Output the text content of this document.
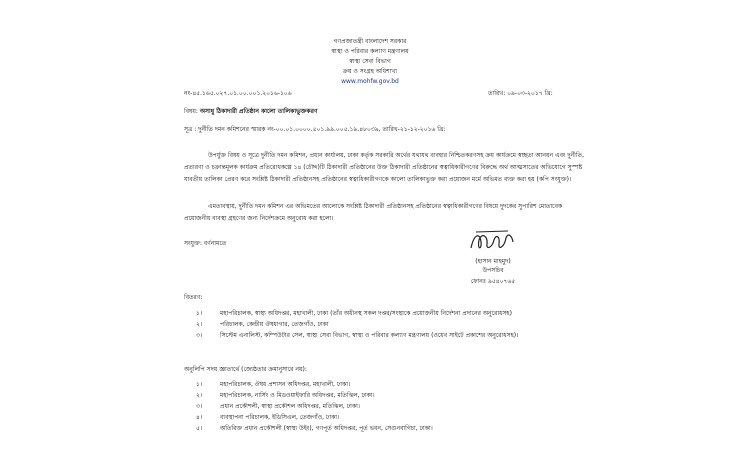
গণপ্রজাতন্ত্রী বাংলাদেশ সরকার
স্বাস্থ্য ও পরিবার কল্যাণ মন্ত্রণালয়
স্বাস্থ্য সেবা বিভাগ
ক্রয় ও সংগ্রহ অধিশাখা
www.mohfw.gov.bd
নং-৪৫.১৬৫.০২৭.০১.০০.০০১.২০১৬-১০৬	তারিখ: ০৯-০৩-২০১৭ খ্রি:
বিষয়: অসাধু ঠিকাদারী প্রতিষ্ঠান কালো তালিকাভুক্তকরণ
সূত্র : দুর্নীতি দমন কমিশনের স্মারক নং-০০.০১.০০০০.৫০১.৯৯.০০৫.১৯.৪৮০৩৯, তারিখ-২১-১২-২০১৬ খ্রি:
উপর্যুক্ত বিষয় ও সূত্রে দুর্নীতি দমন কমিশন, প্রধান কার্যালয়, ঢাকা কর্তৃক সরকারি অর্থের যথাযথ ব্যবহার নিশ্চিতকরণসহ ক্রয় কার্যক্রমে স্বচ্ছতা আনয়ন এবং দুর্নীতি, প্রতারণা ও চক্রান্তমূলক কার্যক্রম প্রতিরোধকল্পে ১৪ (চৌদ্দ)টি ঠিকাদারী প্রতিষ্ঠানের উক্ত ঠিকাদারী প্রতিষ্ঠানের স্বত্বাধিকারীগণের বিরুদ্ধে অর্থ আত্মসাতের অভিযোগে সুস্পষ্ট যাবতীয় তালিকা প্রেরণ করে সংশ্লিষ্ট ঠিকাদারী প্রতিষ্ঠানসহ প্রতিষ্ঠানের স্বত্বাধিকারীগণকে কালো তালিকাভুক্ত করা প্রয়োজন মর্মে অভিমত ব্যক্ত করা হয় (কপি সংযুক্ত)।
এমতাবস্থায়, দুর্নীতি দমন কমিশন এর অভিমতের আলোকে সংশ্লিষ্ট ঠিকাদারী প্রতিষ্ঠানসহ প্রতিষ্ঠানের স্বত্বাধিকারীগণের বিষয়ে দুদকের সুপারিশ মোতাবেক প্রয়োজনীয় ব্যবস্থা গ্রহণের জন্য নির্দেশক্রমে অনুরোধ করা হলো।
সংযুক্ত: বর্ণনামতে
(হাসান মাহমুদ)
উপসচিব
ফোনঃ ৯৫৪০৭৬৫
বিতরণ:
১।	মহাপরিচালক, স্বাস্থ্য অধিদপ্তর, মহাখালী, ঢাকা (তাঁর অধীনস্থ সকল দপ্তর/সংস্থাকে প্রয়োজনীয় নির্দেশনা প্রদানের অনুরোধসহ)
২।	পরিচালক, কেন্দ্রীয় ঔষধাগার, তেজগাঁও, ঢাকা
৩।	সিস্টেম এনালিস্ট, কম্পিউটার সেল, স্বাস্থ্য সেবা বিভাগ, স্বাস্থ্য ও পরিবার কল্যাণ মন্ত্রণালয় (ওয়েব সাইটে প্রকাশের অনুরোধসহ)।
অনুলিপি সদয় জ্ঞাতার্থে (জ্যেষ্ঠতার ক্রমানুসারে নয়):
১।	মহাপরিচালক, ঔষধ প্রশাসন অধিদপ্তর, মহাখালী, ঢাকা।
২।	মহাপরিচালক, নার্সিং ও মিডওয়াইফারি অধিদপ্তর, মতিঝিল, ঢাকা।
৩।	প্রধান প্রকৌশলী, স্বাস্থ্য প্রকৌশল অধিদপ্তর, মতিঝিল, ঢাকা।
৪।	ব্যবস্থাপনা পরিচালক, ইডিসিএল, তেজগাঁও, ঢাকা।
৫।	অতিরিক্ত প্রধান প্রকৌশলী (স্বাস্থ্য উইং), গণপূর্ত অধিদপ্তর, পূর্ত ভবন, সেগুনবাগিচা, ঢাকা।
